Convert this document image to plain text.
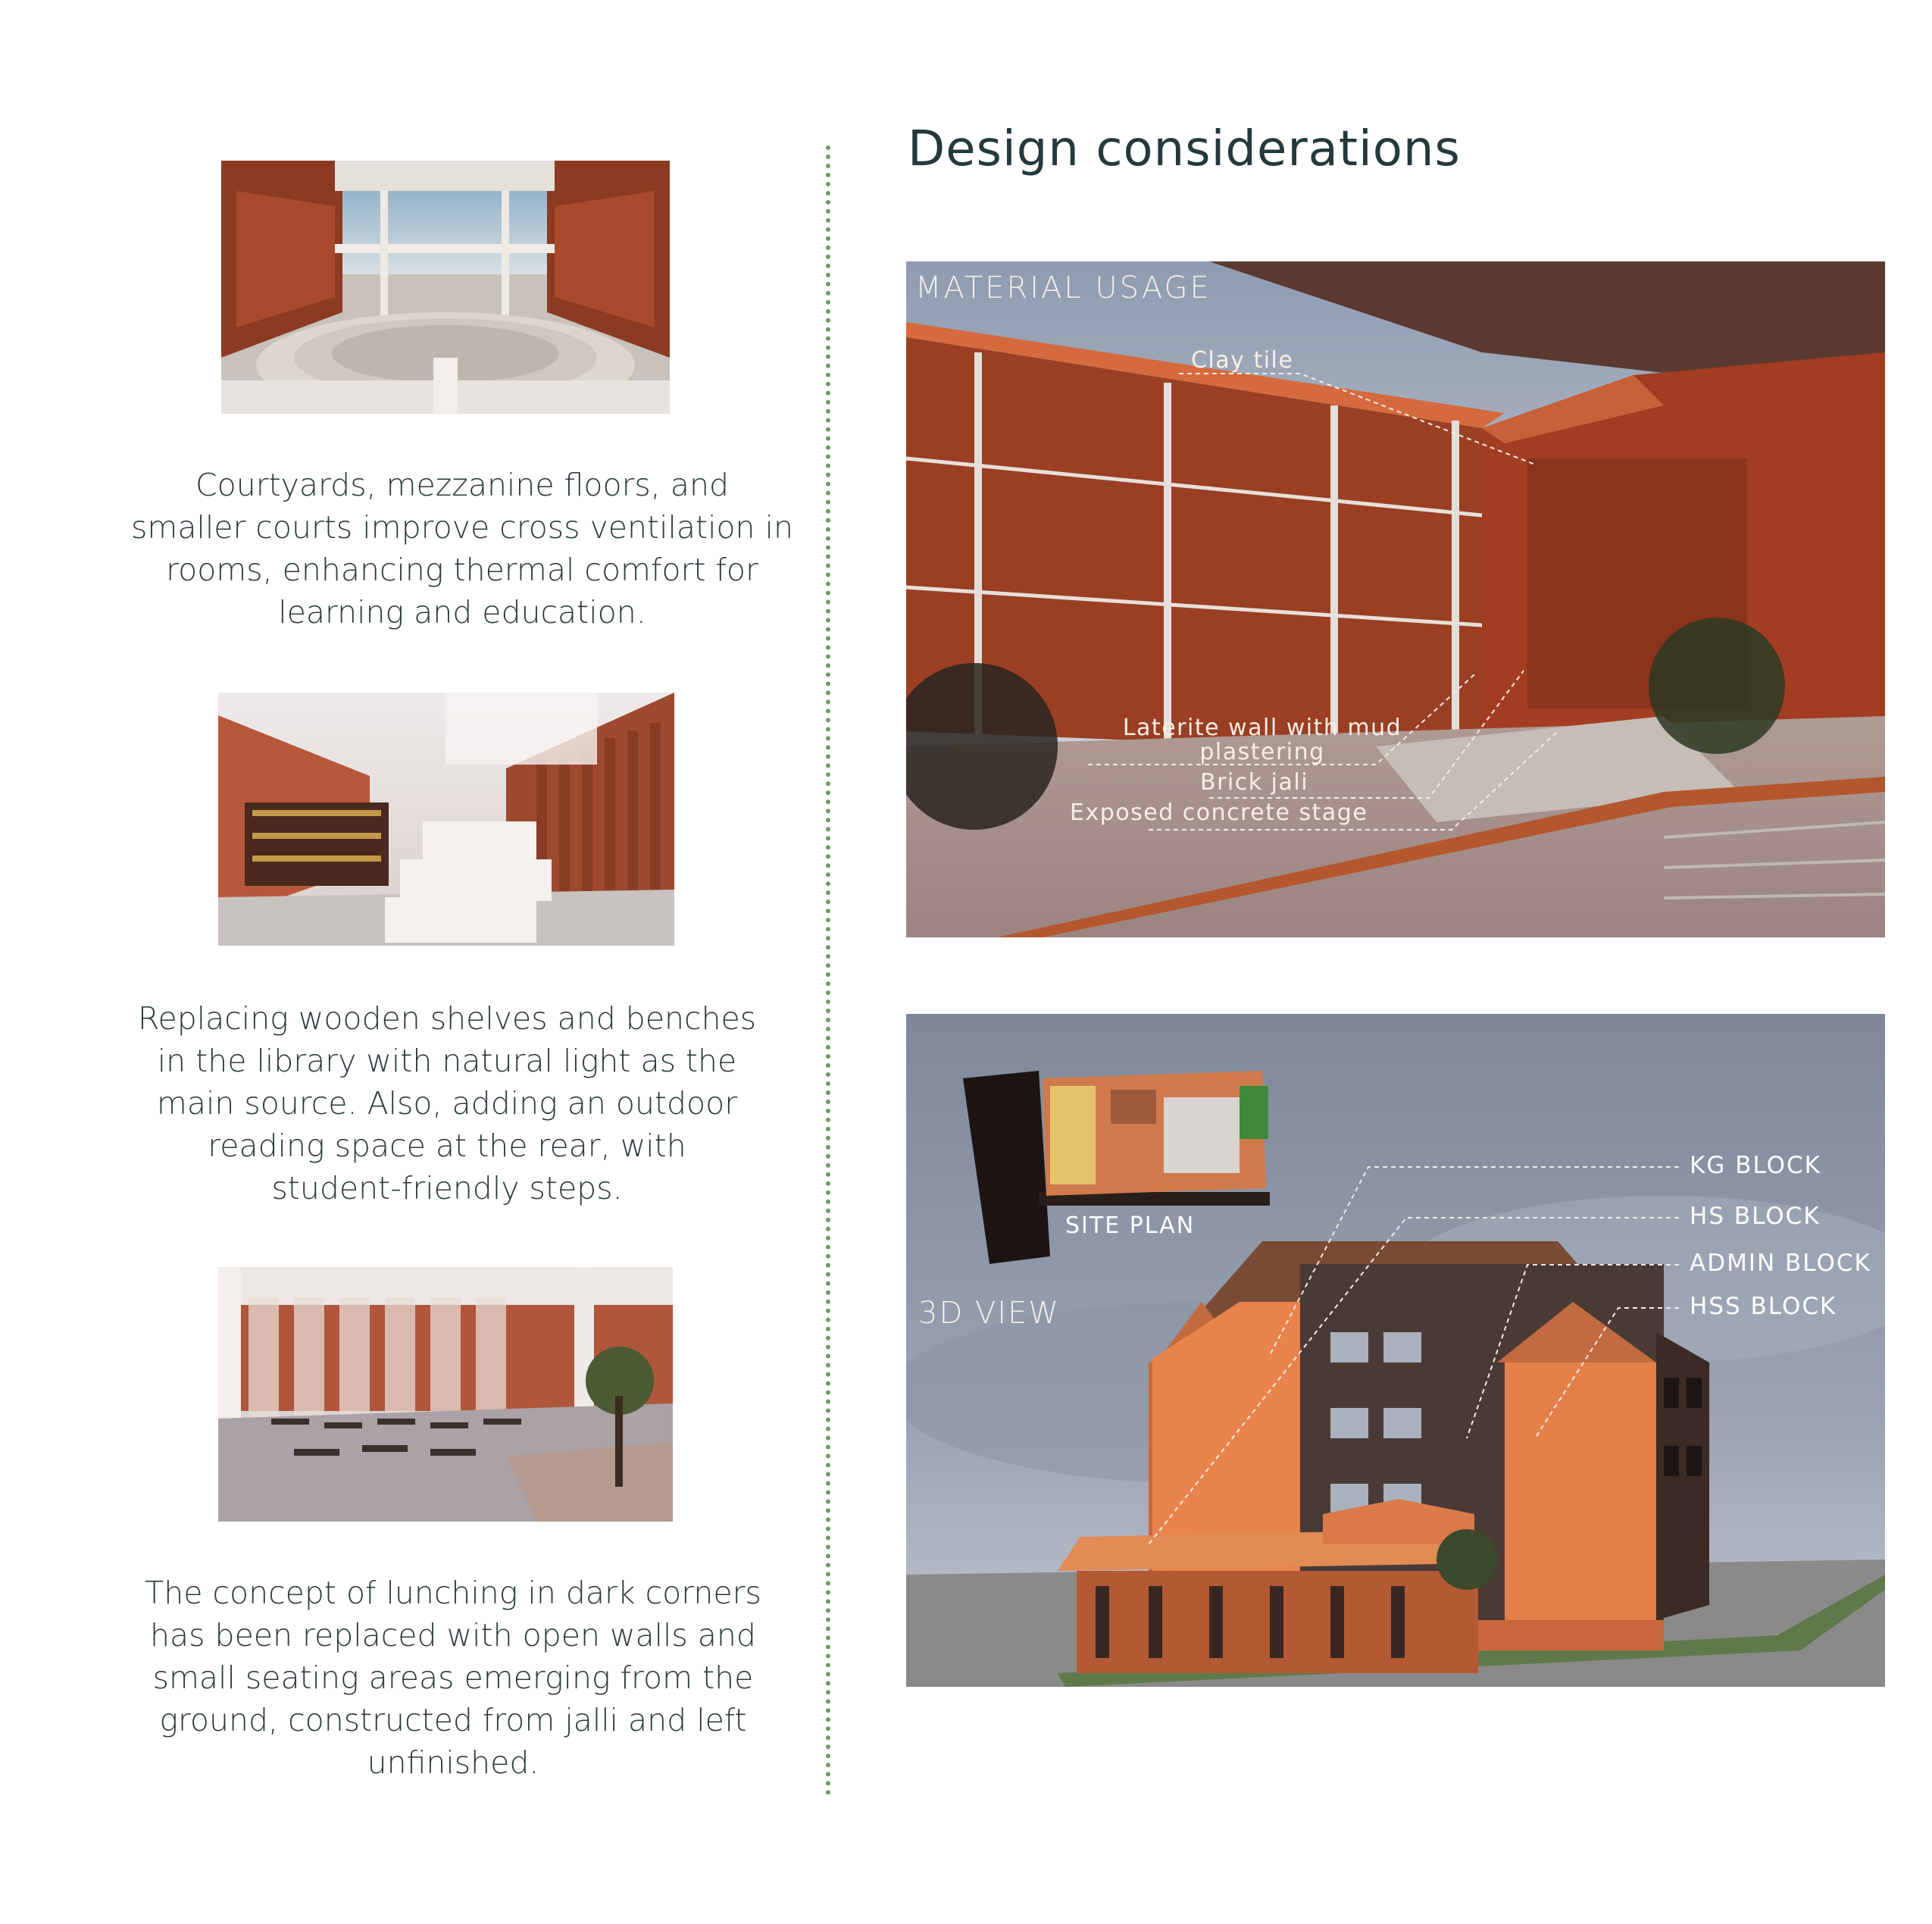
Courtyards, mezzanine floors, and
smaller courts improve cross ventilation in
rooms, enhancing thermal comfort for
learning and education.
Replacing wooden shelves and benches
in the library with natural light as the
main source. Also, adding an outdoor
reading space at the rear, with
student-friendly steps.
The concept of lunching in dark corners
has been replaced with open walls and
small seating areas emerging from the
ground, constructed from jalli and left
unfinished.
Design considerations
MATERIAL USAGE
Clay tile
Laterite wall with mud
plastering
Brick jali
Exposed concrete stage
SITE PLAN
3D VIEW
KG BLOCK
HS BLOCK
ADMIN BLOCK
HSS BLOCK
